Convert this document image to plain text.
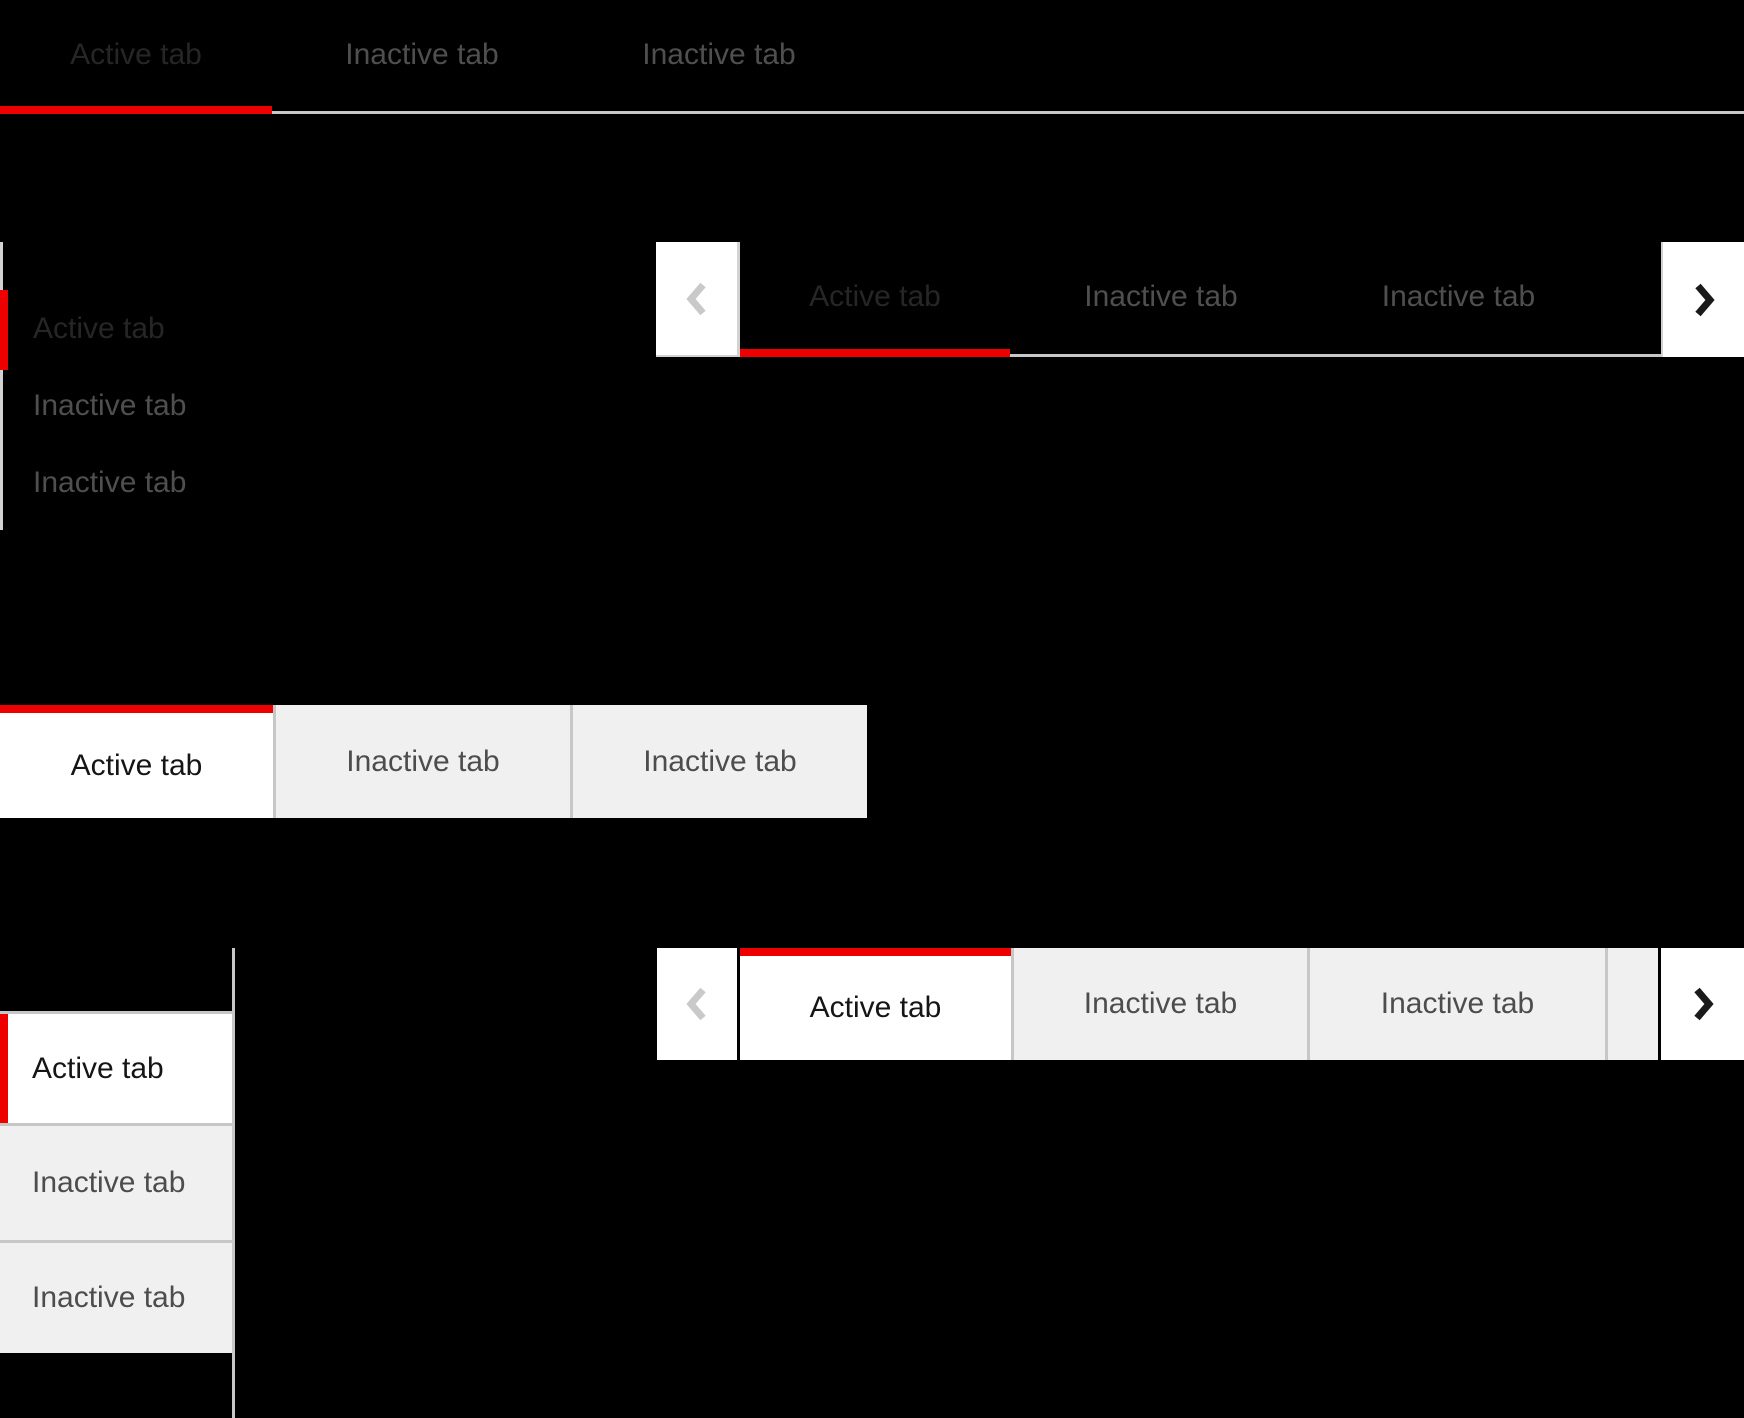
Active tab	Inactive tab	Inactive tab
Active tab	Inactive tab	Inactive tab
Active tab
Inactive tab
Inactive tab
Active tab	Inactive tab	Inactive tab
Active tab
Inactive tab
Inactive tab
Active tab	Inactive tab	Inactive tab
